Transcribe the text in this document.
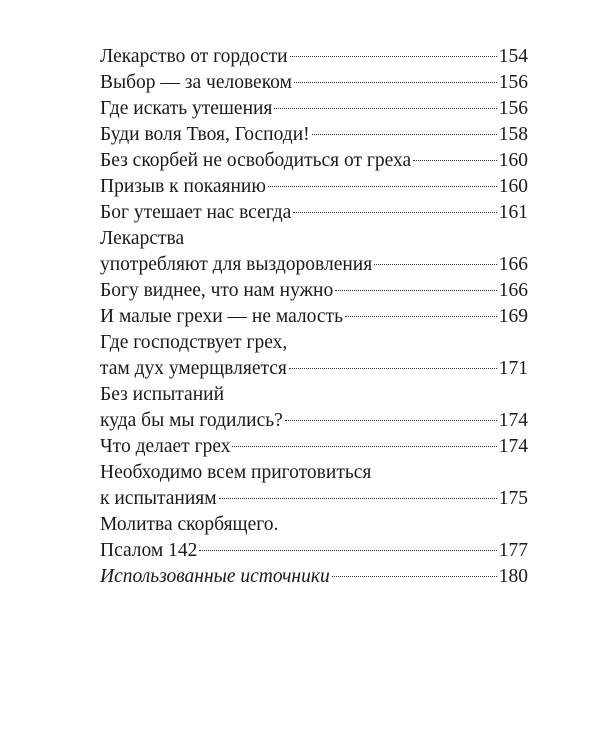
Лекарство от гордости	154
Выбор — за человеком	156
Где искать утешения	156
Буди воля Твоя, Господи!	158
Без скорбей не освободиться от греха	160
Призыв к покаянию	160
Бог утешает нас всегда	161
Лекарства
употребляют для выздоровления	166
Богу виднее, что нам нужно	166
И малые грехи — не малость	169
Где господствует грех,
там дух умерщвляется	171
Без испытаний
куда бы мы годились?	174
Что делает грех	174
Необходимо всем приготовиться
к испытаниям	175
Молитва скорбящего.
Псалом 142	177
Использованные источники	180
